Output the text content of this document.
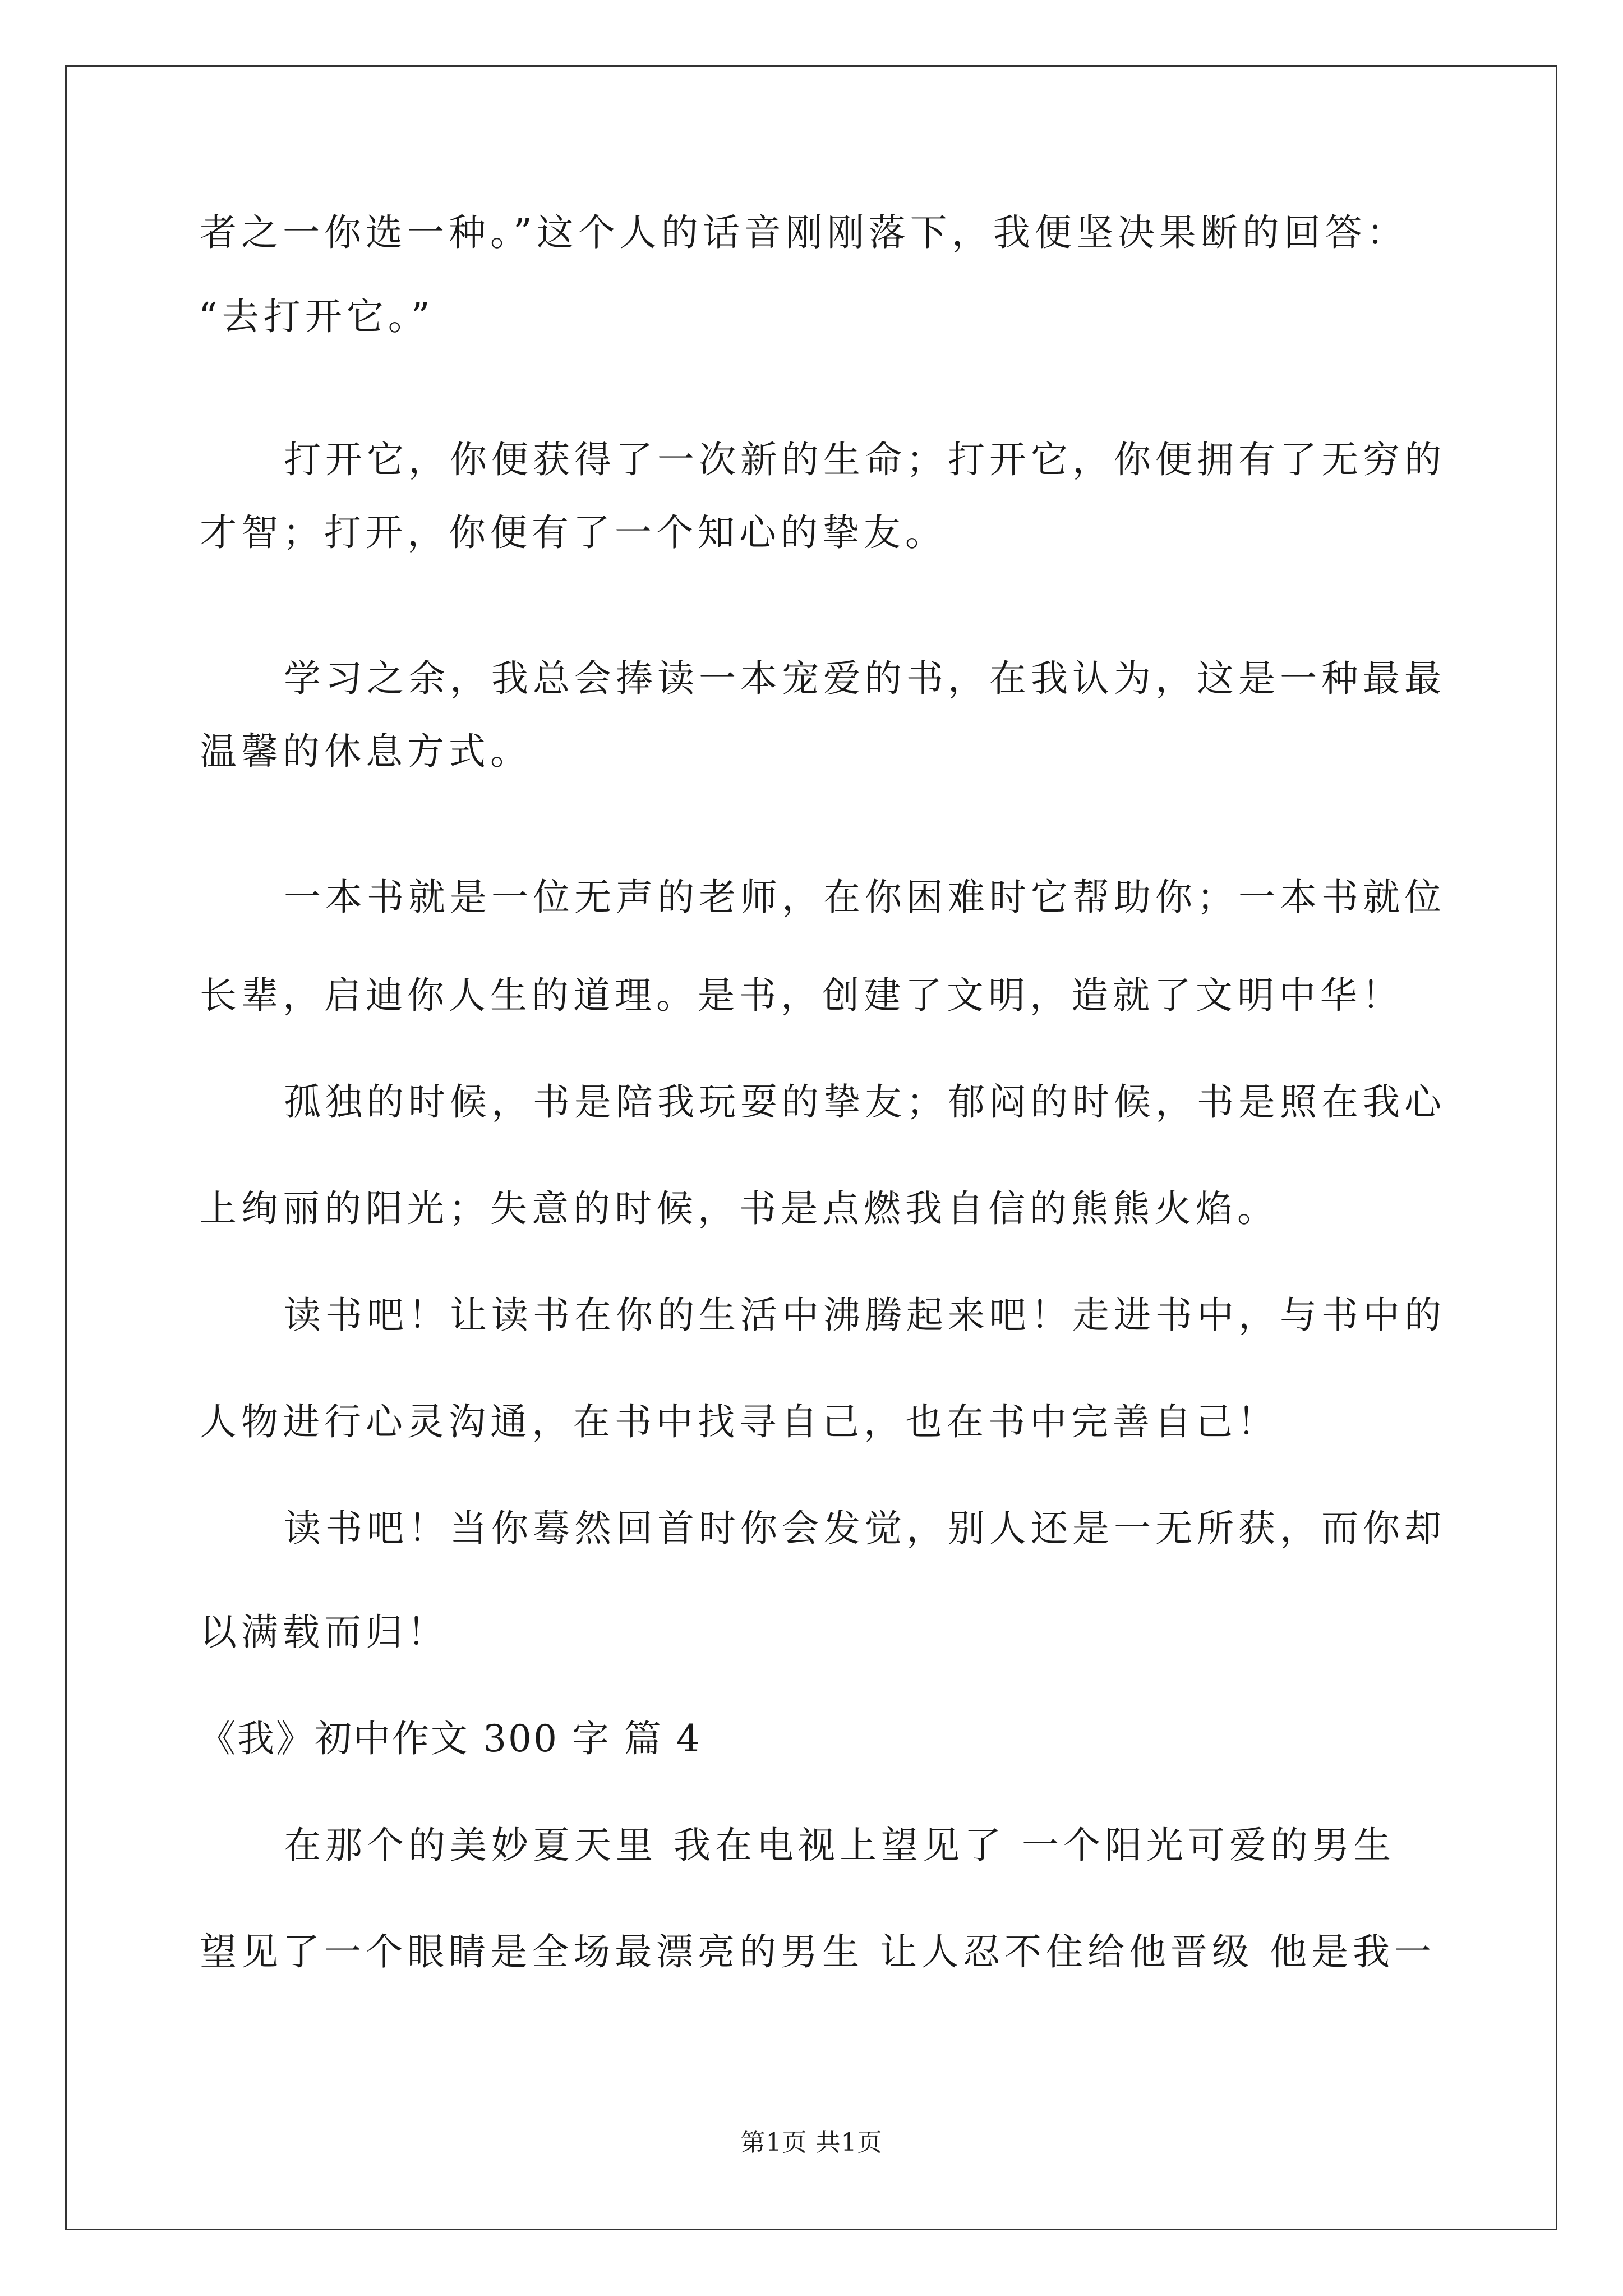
者之一你选一种。”这个人的话音刚刚落下，我便坚决果断的回答：
“去打开它。”
打开它，你便获得了一次新的生命；打开它，你便拥有了无穷的
才智；打开，你便有了一个知心的挚友。
学习之余，我总会捧读一本宠爱的书，在我认为，这是一种最最
温馨的休息方式。
一本书就是一位无声的老师，在你困难时它帮助你；一本书就位
长辈，启迪你人生的道理。是书，创建了文明，造就了文明中华！
孤独的时候，书是陪我玩耍的挚友；郁闷的时候，书是照在我心
上绚丽的阳光；失意的时候，书是点燃我自信的熊熊火焰。
读书吧！让读书在你的生活中沸腾起来吧！走进书中，与书中的
人物进行心灵沟通，在书中找寻自己，也在书中完善自己！
读书吧！当你蓦然回首时你会发觉，别人还是一无所获，而你却
以满载而归！
《我》初中作文 300 字 篇 4
在那个的美妙夏天里 我在电视上望见了 一个阳光可爱的男生
望见了一个眼睛是全场最漂亮的男生 让人忍不住给他晋级 他是我一
第1页 共1页
